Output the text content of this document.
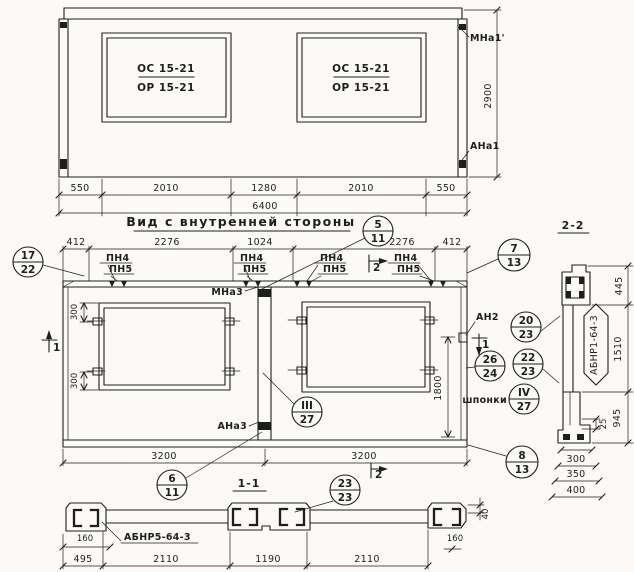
ОС 15-21
ОР 15-21
ОС 15-21
ОР 15-21
МНа1'
АНа1
2900
550	2010	1280	2010	550
6400
Вид с внутренней стороны
300
300	1800
МНа3
АНа3
АН2
412	2276	1024	2276	412
ПН4
ПН5
ПН4
ПН5
ПН4
ПН5
ПН4
ПН5
3200	3200
2
2
1	1
5
11
17
22
7
13
20
23
26
24
22
23
шпонки
IV
27
III
27
6
11
8
13
23
23
2-2
АБНР1-64-3
445
1510
945
25
300
350
400
1-1
40
160
АБНР5-64-3
160
495	2110	1190	2110
